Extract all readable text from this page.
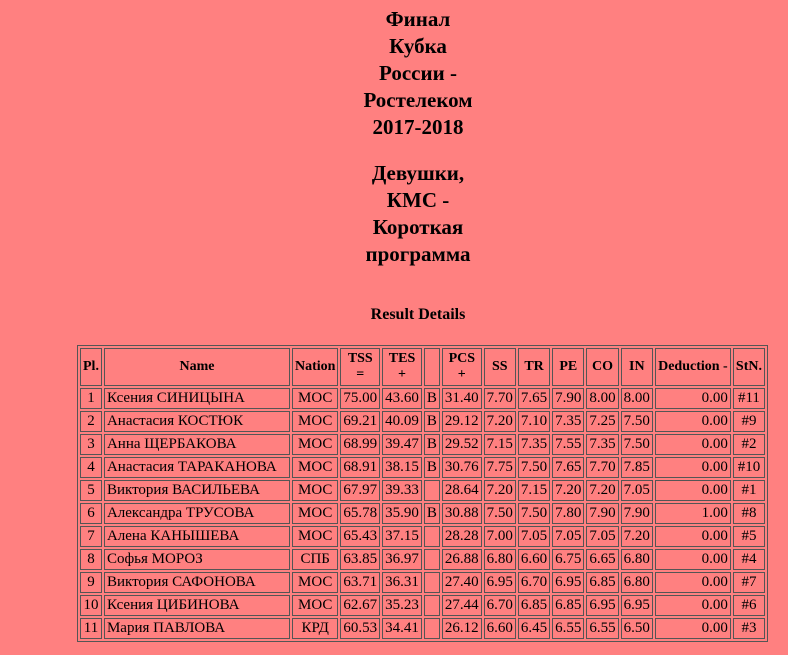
Финал
Кубка
России -
Ростелеком
2017-2018
Девушки,
КМС -
Короткая
программа
Result Details
Pl.	Name	Nation	TSS =	TES +		PCS +	SS	TR	PE	CO	IN	Deduction -	StN.
1	Ксения СИНИЦЫНА	МОС	75.00	43.60	B	31.40	7.70	7.65	7.90	8.00	8.00	0.00	#11
2	Анастасия КОСТЮК	МОС	69.21	40.09	B	29.12	7.20	7.10	7.35	7.25	7.50	0.00	#9
3	Анна ЩЕРБАКОВА	МОС	68.99	39.47	B	29.52	7.15	7.35	7.55	7.35	7.50	0.00	#2
4	Анастасия ТАРАКАНОВА	МОС	68.91	38.15	B	30.76	7.75	7.50	7.65	7.70	7.85	0.00	#10
5	Виктория ВАСИЛЬЕВА	МОС	67.97	39.33		28.64	7.20	7.15	7.20	7.20	7.05	0.00	#1
6	Александра ТРУСОВА	МОС	65.78	35.90	B	30.88	7.50	7.50	7.80	7.90	7.90	1.00	#8
7	Алена КАНЫШЕВА	МОС	65.43	37.15		28.28	7.00	7.05	7.05	7.05	7.20	0.00	#5
8	Софья МОРОЗ	СПБ	63.85	36.97		26.88	6.80	6.60	6.75	6.65	6.80	0.00	#4
9	Виктория САФОНОВА	МОС	63.71	36.31		27.40	6.95	6.70	6.95	6.85	6.80	0.00	#7
10	Ксения ЦИБИНОВА	МОС	62.67	35.23		27.44	6.70	6.85	6.85	6.95	6.95	0.00	#6
11	Мария ПАВЛОВА	КРД	60.53	34.41		26.12	6.60	6.45	6.55	6.55	6.50	0.00	#3
